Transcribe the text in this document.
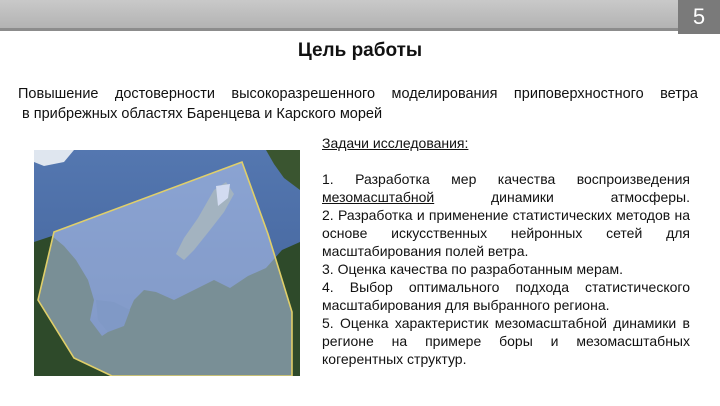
5
Цель работы
Повышение достоверности высокоразрешенного моделирования приповерхностного ветра
в прибрежных областях Баренцева и Карского морей
Задачи исследования:
1. Разработка мер качества воспроизведения мезомасштабной динамики атмосферы.
2. Разработка и применение статистических методов на основе искусственных нейронных сетей для масштабирования полей ветра.
3. Оценка качества по разработанным мерам.
4. Выбор оптимального подхода статистического масштабирования для выбранного региона.
5. Оценка характеристик мезомасштабной динамики в регионе на примере боры и мезомасштабных когерентных структур.
